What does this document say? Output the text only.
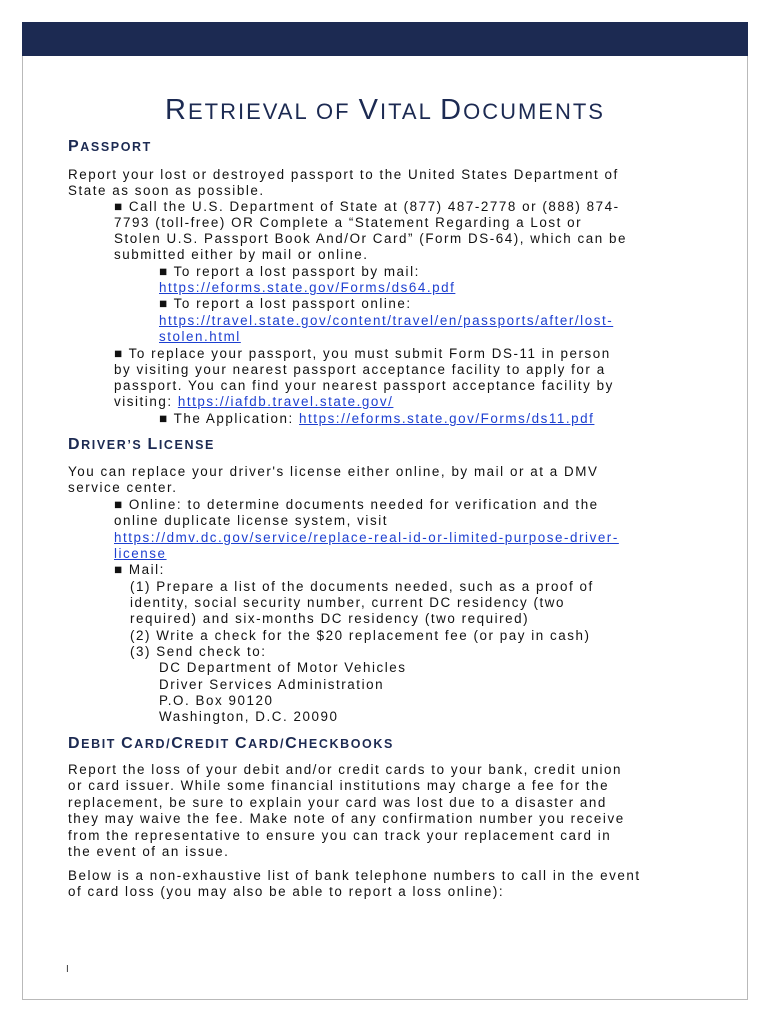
RETRIEVAL OF VITAL DOCUMENTS
PASSPORT
Report your lost or destroyed passport to the United States Department of
State as soon as possible.
■ Call the U.S. Department of State at (877) 487-2778 or (888) 874-
7793 (toll-free) OR Complete a “Statement Regarding a Lost or
Stolen U.S. Passport Book And/Or Card” (Form DS-64), which can be
submitted either by mail or online.
■ To report a lost passport by mail:
https://eforms.state.gov/Forms/ds64.pdf
■ To report a lost passport online:
https://travel.state.gov/content/travel/en/passports/after/lost-
stolen.html
■ To replace your passport, you must submit Form DS-11 in person
by visiting your nearest passport acceptance facility to apply for a
passport. You can find your nearest passport acceptance facility by
visiting: https://iafdb.travel.state.gov/
■ The Application: https://eforms.state.gov/Forms/ds11.pdf
DRIVER’S LICENSE
You can replace your driver's license either online, by mail or at a DMV
service center.
■ Online: to determine documents needed for verification and the
online duplicate license system, visit
https://dmv.dc.gov/service/replace-real-id-or-limited-purpose-driver-
license
■ Mail:
(1) Prepare a list of the documents needed, such as a proof of
identity, social security number, current DC residency (two
required) and six-months DC residency (two required)
(2) Write a check for the $20 replacement fee (or pay in cash)
(3) Send check to:
DC Department of Motor Vehicles
Driver Services Administration
P.O. Box 90120
Washington, D.C. 20090
DEBIT CARD/CREDIT CARD/CHECKBOOKS
Report the loss of your debit and/or credit cards to your bank, credit union
or card issuer. While some financial institutions may charge a fee for the
replacement, be sure to explain your card was lost due to a disaster and
they may waive the fee. Make note of any confirmation number you receive
from the representative to ensure you can track your replacement card in
the event of an issue.
Below is a non-exhaustive list of bank telephone numbers to call in the event
of card loss (you may also be able to report a loss online):
I
